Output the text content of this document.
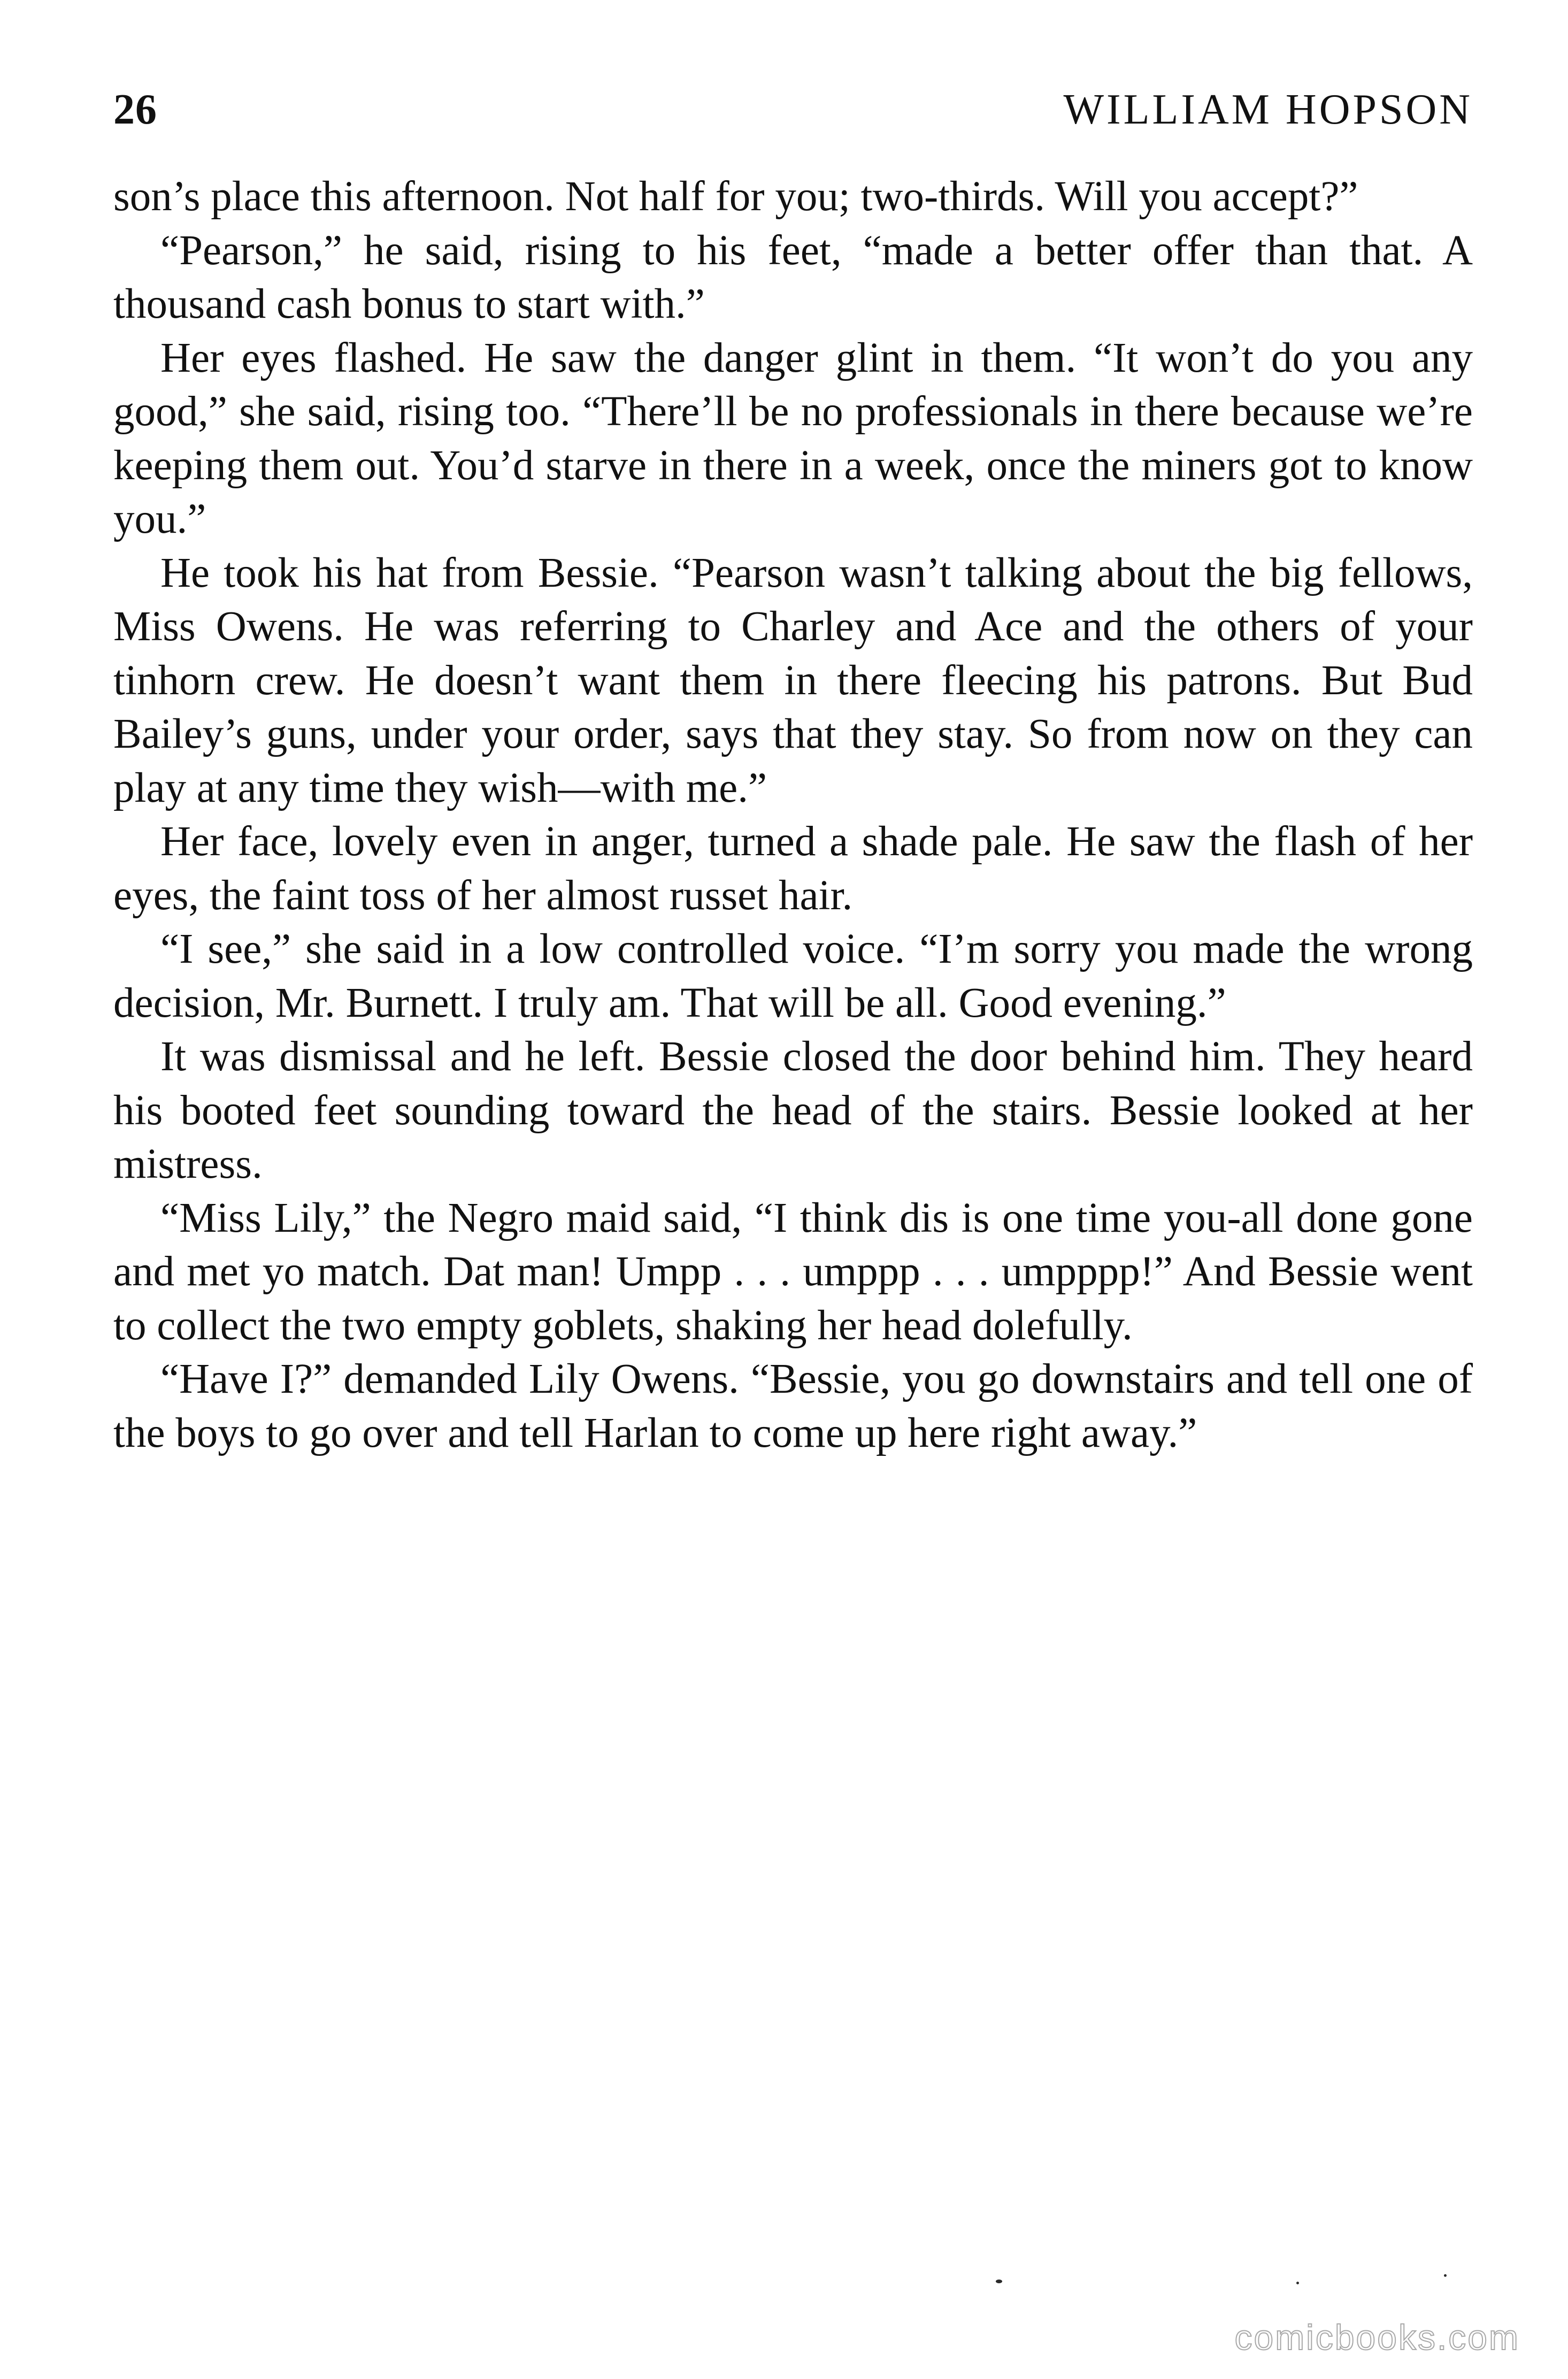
26	WILLIAM HOPSON

son’s place this afternoon. Not half for you; two-thirds. Will you accept?”

“Pearson,” he said, rising to his feet, “made a better offer than that. A thousand cash bonus to start with.”

Her eyes flashed. He saw the danger glint in them. “It won’t do you any good,” she said, rising too. “There’ll be no professionals in there because we’re keeping them out. You’d starve in there in a week, once the miners got to know you.”

He took his hat from Bessie. “Pearson wasn’t talking about the big fellows, Miss Owens. He was referring to Charley and Ace and the others of your tinhorn crew. He doesn’t want them in there fleecing his patrons. But Bud Bailey’s guns, under your order, says that they stay. So from now on they can play at any time they wish—with me.”

Her face, lovely even in anger, turned a shade pale. He saw the flash of her eyes, the faint toss of her almost russet hair.

“I see,” she said in a low controlled voice. “I’m sorry you made the wrong decision, Mr. Burnett. I truly am. That will be all. Good evening.”

It was dismissal and he left. Bessie closed the door behind him. They heard his booted feet sounding toward the head of the stairs. Bessie looked at her mistress.

“Miss Lily,” the Negro maid said, “I think dis is one time you-all done gone and met yo match. Dat man! Umpp . . . umppp . . . umpppp!” And Bessie went to collect the two empty goblets, shaking her head dolefully.

“Have I?” demanded Lily Owens. “Bessie, you go downstairs and tell one of the boys to go over and tell Harlan to come up here right away.”

comicbooks.com
